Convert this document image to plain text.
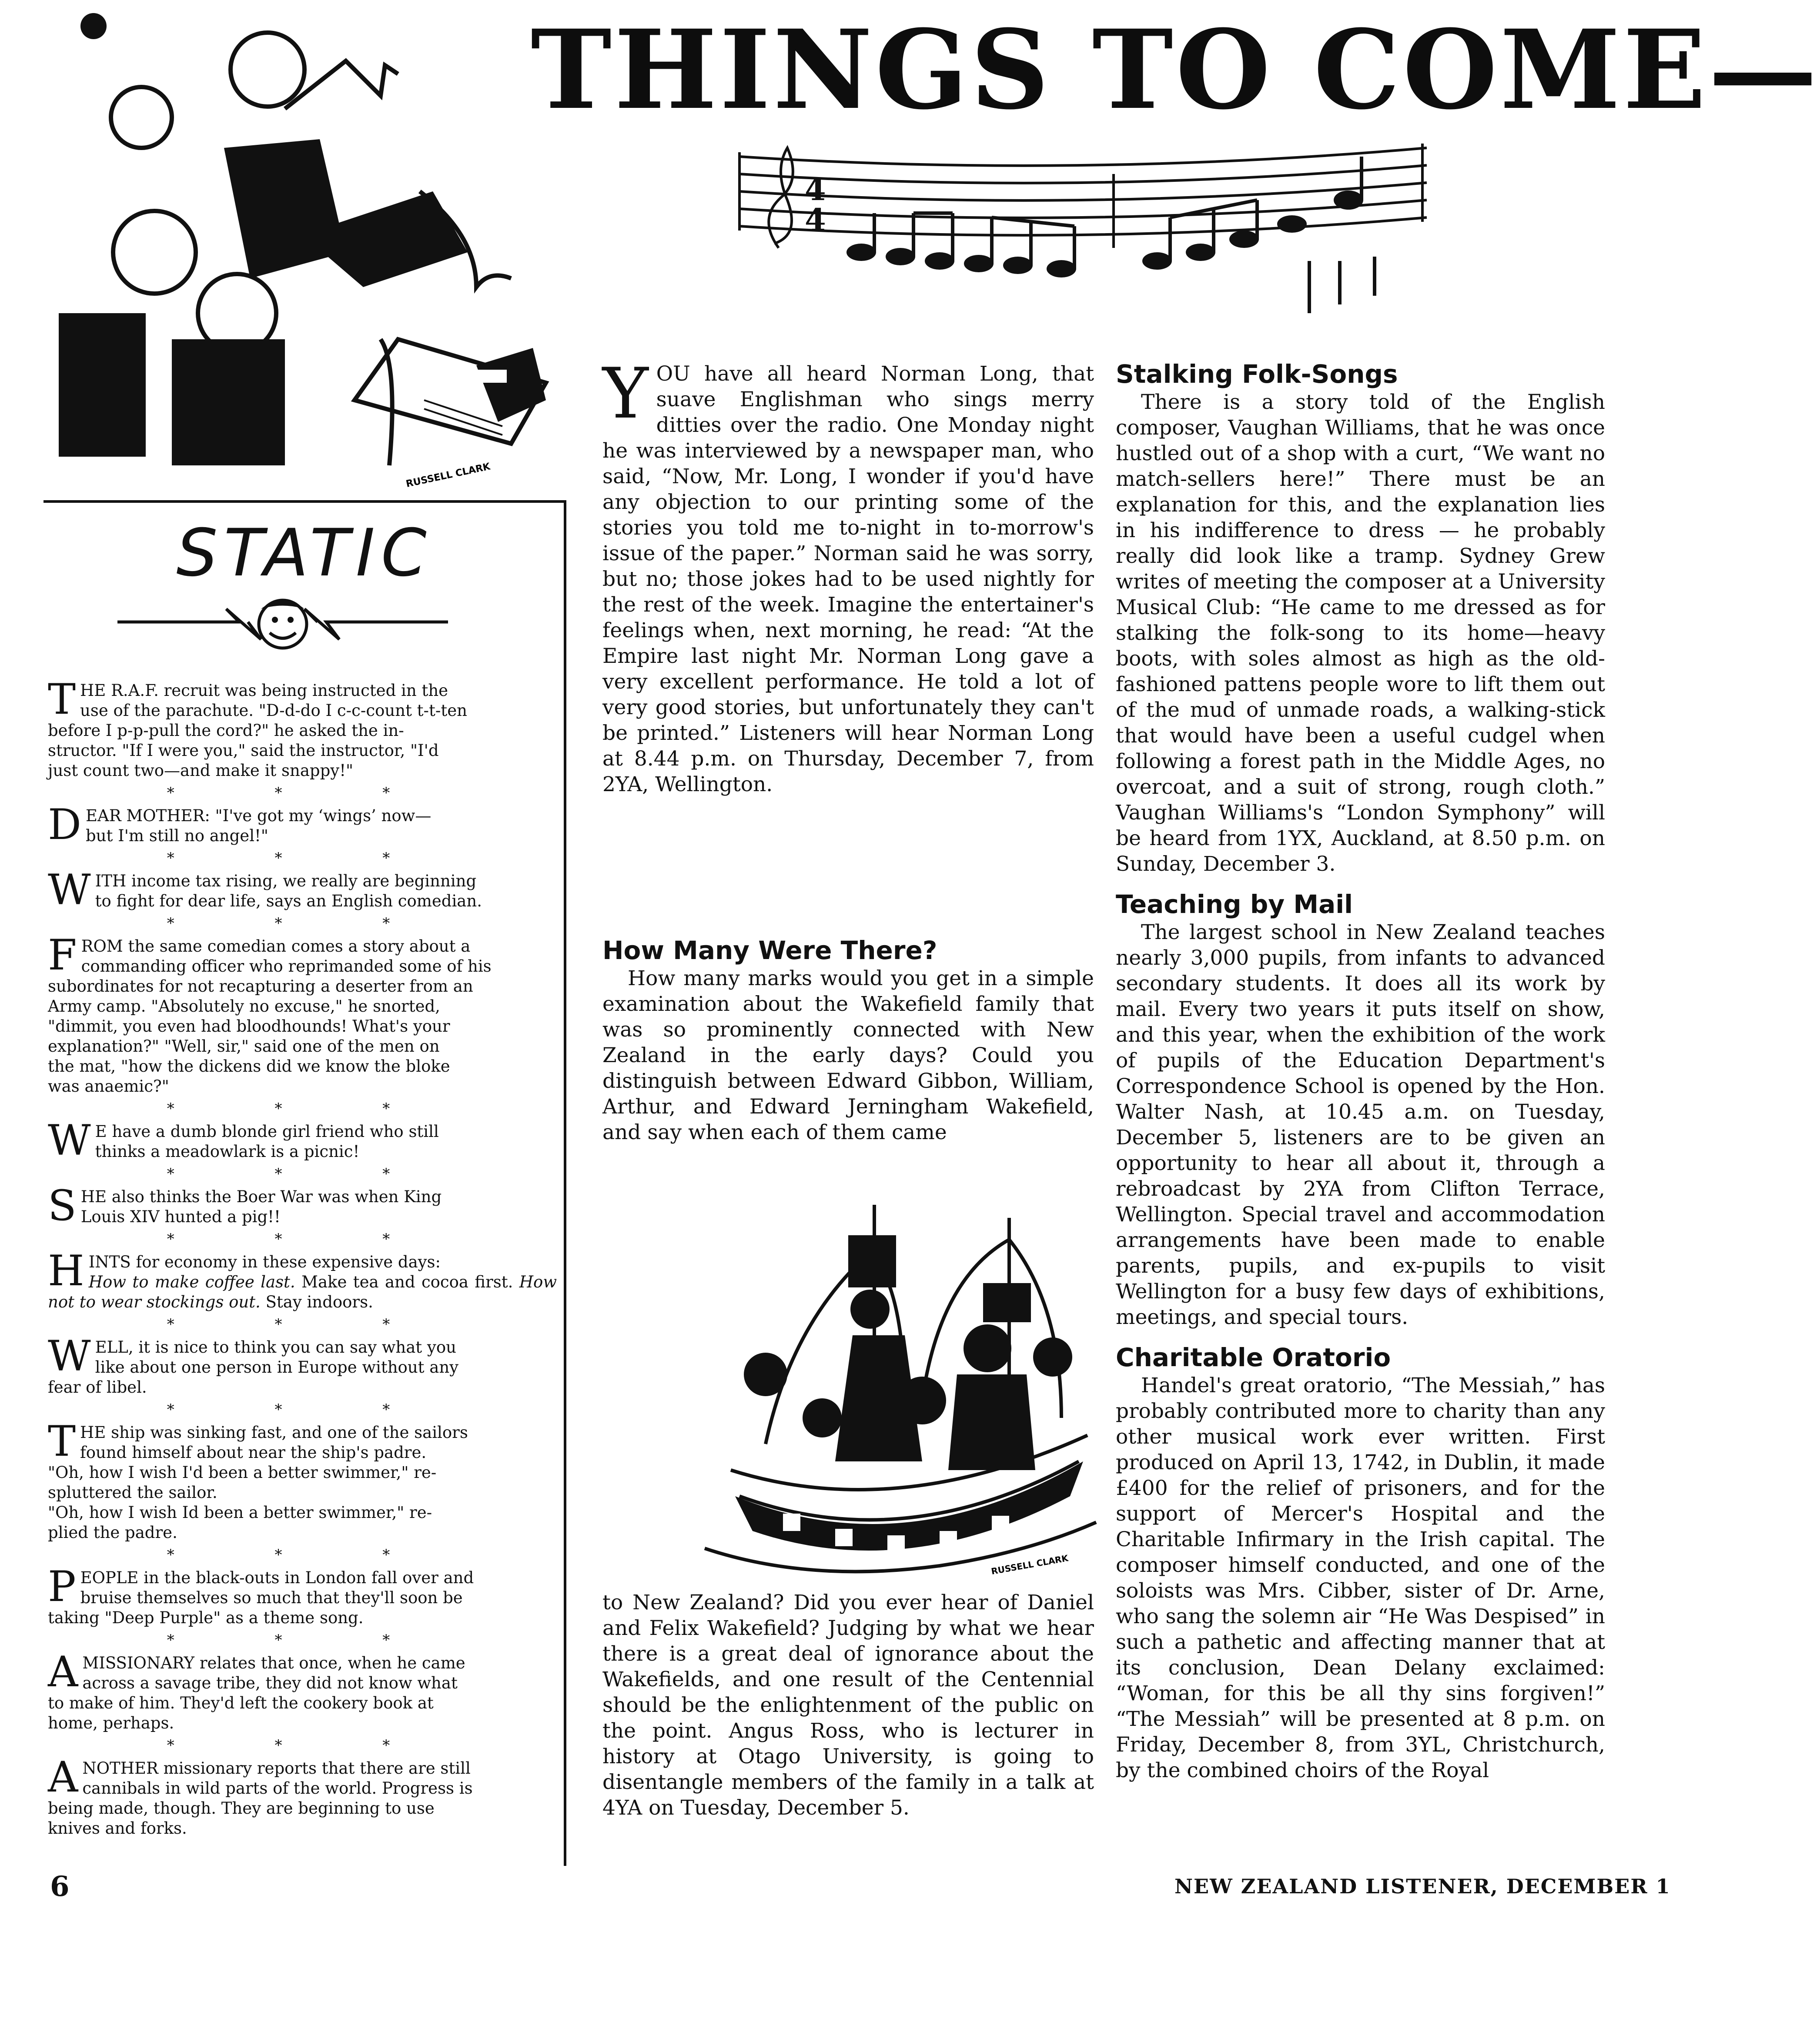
THINGS TO COME—
RUSSELL CLARK
4
4
STATIC
T HE R.A.F. recruit was being instructed in the
use of the parachute. "D-d-do I c-c-count t-t-ten
before I p-p-pull the cord?" he asked the in-
structor. "If I were you," said the instructor, "I'd
just count two—and make it snappy!"
* * *
D EAR MOTHER: "I've got my ‘wings’ now—
but I'm still no angel!"
* * *
W ITH income tax rising, we really are beginning
to fight for dear life, says an English comedian.
* * *
F ROM the same comedian comes a story about a
commanding officer who reprimanded some of his
subordinates for not recapturing a deserter from an
Army camp. "Absolutely no excuse," he snorted,
"dimmit, you even had bloodhounds! What's your
explanation?" "Well, sir," said one of the men on
the mat, "how the dickens did we know the bloke
was anaemic?"
* * *
W E have a dumb blonde girl friend who still
thinks a meadowlark is a picnic!
* * *
S HE also thinks the Boer War was when King
Louis XIV hunted a pig!!
* * *
H INTS for economy in these expensive days:
How to make coffee last. Make tea and cocoa first. How not to wear stockings out. Stay indoors.
* * *
W ELL, it is nice to think you can say what you
like about one person in Europe without any
fear of libel.
* * *
T HE ship was sinking fast, and one of the sailors
found himself about near the ship's padre.
"Oh, how I wish I'd been a better swimmer," re-
spluttered the sailor.
"Oh, how I wish Id been a better swimmer," re-
plied the padre.
* * *
P EOPLE in the black-outs in London fall over and
bruise themselves so much that they'll soon be
taking "Deep Purple" as a theme song.
* * *
A MISSIONARY relates that once, when he came
across a savage tribe, they did not know what
to make of him. They'd left the cookery book at
home, perhaps.
* * *
A NOTHER missionary reports that there are still
cannibals in wild parts of the world. Progress is
being made, though. They are beginning to use
knives and forks.

Y OU have all heard Norman Long, that suave Englishman who sings merry ditties over the radio. One Monday night he was interviewed by a newspaper man, who said, “Now, Mr. Long, I wonder if you'd have any objection to our printing some of the stories you told me to-night in to-morrow's issue of the paper.” Norman said he was sorry, but no; those jokes had to be used nightly for the rest of the week. Imagine the entertainer's feelings when, next morning, he read: “At the Empire last night Mr. Norman Long gave a very excellent performance. He told a lot of very good stories, but unfortunately they can't be printed.” Listeners will hear Norman Long at 8.44 p.m. on Thursday, December 7, from 2YA, Wellington.

How Many Were There?

How many marks would you get in a simple examination about the Wakefield family that was so prominently connected with New Zealand in the early days? Could you distinguish between Edward Gibbon, William, Arthur, and Edward Jerningham Wakefield, and say when each of them came

RUSSELL CLARK

to New Zealand? Did you ever hear of Daniel and Felix Wakefield? Judging by what we hear there is a great deal of ignorance about the Wakefields, and one result of the Centennial should be the enlightenment of the public on the point. Angus Ross, who is lecturer in history at Otago University, is going to disentangle members of the family in a talk at 4YA on Tuesday, December 5.

Stalking Folk-Songs

There is a story told of the English composer, Vaughan Williams, that he was once hustled out of a shop with a curt, “We want no match-sellers here!” There must be an explanation for this, and the explanation lies in his indifference to dress — he probably really did look like a tramp. Sydney Grew writes of meeting the composer at a University Musical Club: “He came to me dressed as for stalking the folk-song to its home—heavy boots, with soles almost as high as the old-fashioned pattens people wore to lift them out of the mud of unmade roads, a walking-stick that would have been a useful cudgel when following a forest path in the Middle Ages, no overcoat, and a suit of strong, rough cloth.” Vaughan Williams's “London Symphony” will be heard from 1YX, Auckland, at 8.50 p.m. on Sunday, December 3.

Teaching by Mail

The largest school in New Zealand teaches nearly 3,000 pupils, from infants to advanced secondary students. It does all its work by mail. Every two years it puts itself on show, and this year, when the exhibition of the work of pupils of the Education Department's Correspondence School is opened by the Hon. Walter Nash, at 10.45 a.m. on Tuesday, December 5, listeners are to be given an opportunity to hear all about it, through a rebroadcast by 2YA from Clifton Terrace, Wellington. Special travel and accommodation arrangements have been made to enable parents, pupils, and ex-pupils to visit Wellington for a busy few days of exhibitions, meetings, and special tours.

Charitable Oratorio

Handel's great oratorio, “The Messiah,” has probably contributed more to charity than any other musical work ever written. First produced on April 13, 1742, in Dublin, it made £400 for the relief of prisoners, and for the support of Mercer's Hospital and the Charitable Infirmary in the Irish capital. The composer himself conducted, and one of the soloists was Mrs. Cibber, sister of Dr. Arne, who sang the solemn air “He Was Despised” in such a pathetic and affecting manner that at its conclusion, Dean Delany exclaimed: “Woman, for this be all thy sins forgiven!” “The Messiah” will be presented at 8 p.m. on Friday, December 8, from 3YL, Christchurch, by the combined choirs of the Royal

6	NEW ZEALAND LISTENER, DECEMBER 1
